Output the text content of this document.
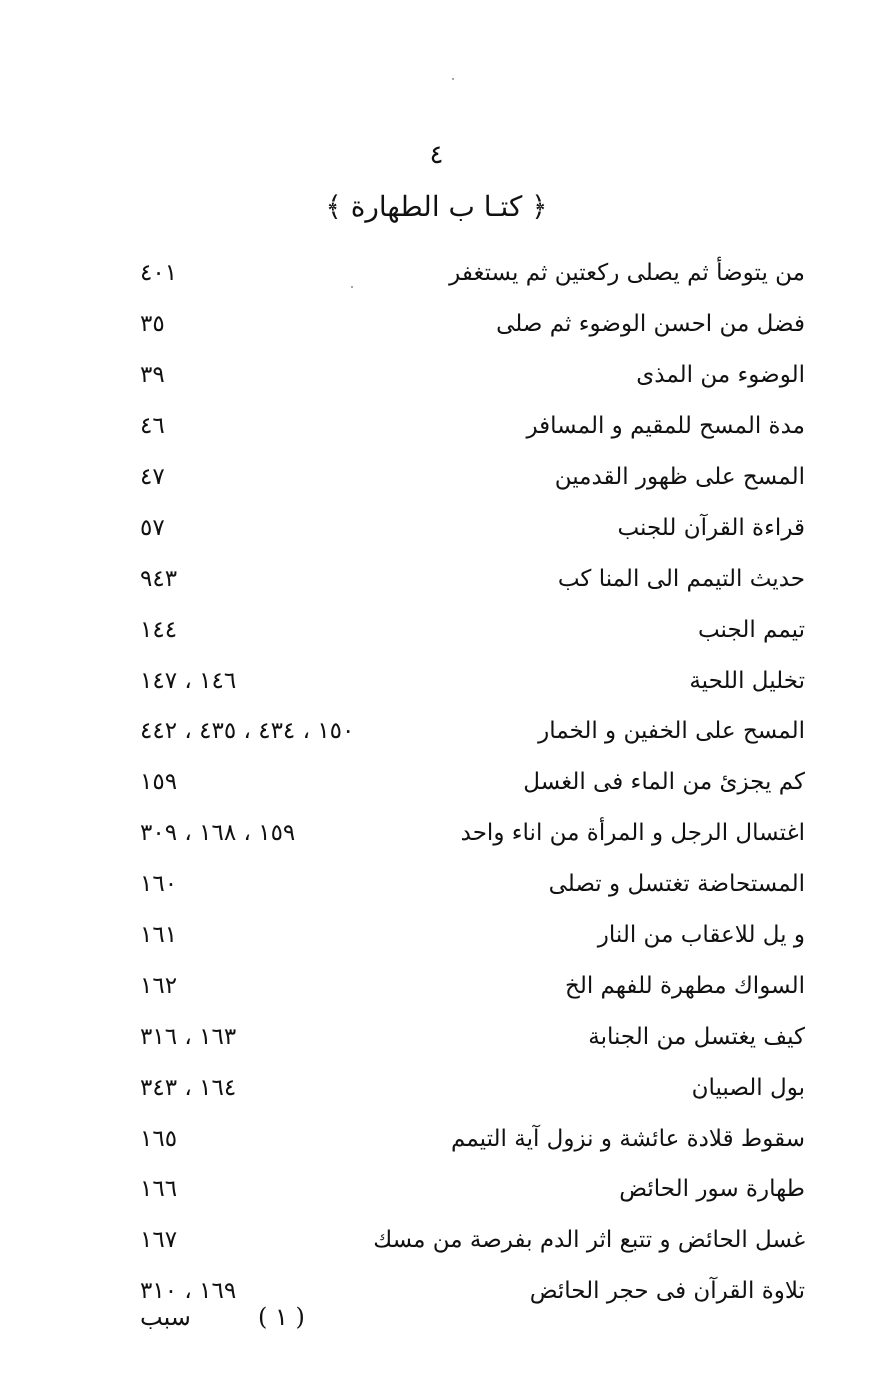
٤
﴿ كتـا ب الطهارة ﴾
٤٠١	من يتوضأ ثم يصلى ركعتين ثم يستغفر
٣٥	فضل من احسن الوضوء ثم صلى
٣٩	الوضوء من المذى
٤٦	مدة المسح للمقيم و المسافر
٤٧	المسح على ظهور القدمين
٥٧	قراءة القرآن للجنب
٩٤٣	حديث التيمم الى المنا كب
١٤٤	تيمم الجنب
١٤٦ ، ١٤٧	تخليل اللحية
١٥٠ ، ٤٣٤ ، ٤٣٥ ، ٤٤٢	المسح على الخفين و الخمار
١٥٩	كم يجزئ من الماء فى الغسل
١٥٩ ، ١٦٨ ، ٣٠٩	اغتسال الرجل و المرأة من اناء واحد
١٦٠	المستحاضة تغتسل و تصلى
١٦١	و يل للاعقاب من النار
١٦٢	السواك مطهرة للفهم الخ
١٦٣ ، ٣١٦	كيف يغتسل من الجنابة
١٦٤ ، ٣٤٣	بول الصبيان
١٦٥	سقوط قلادة عائشة و نزول آية التيمم
١٦٦	طهارة سور الحائض
١٦٧	غسل الحائض و تتبع اثر الدم بفرصة من مسك
١٦٩ ، ٣١٠	تلاوة القرآن فى حجر الحائض
سبب	( ١ )
